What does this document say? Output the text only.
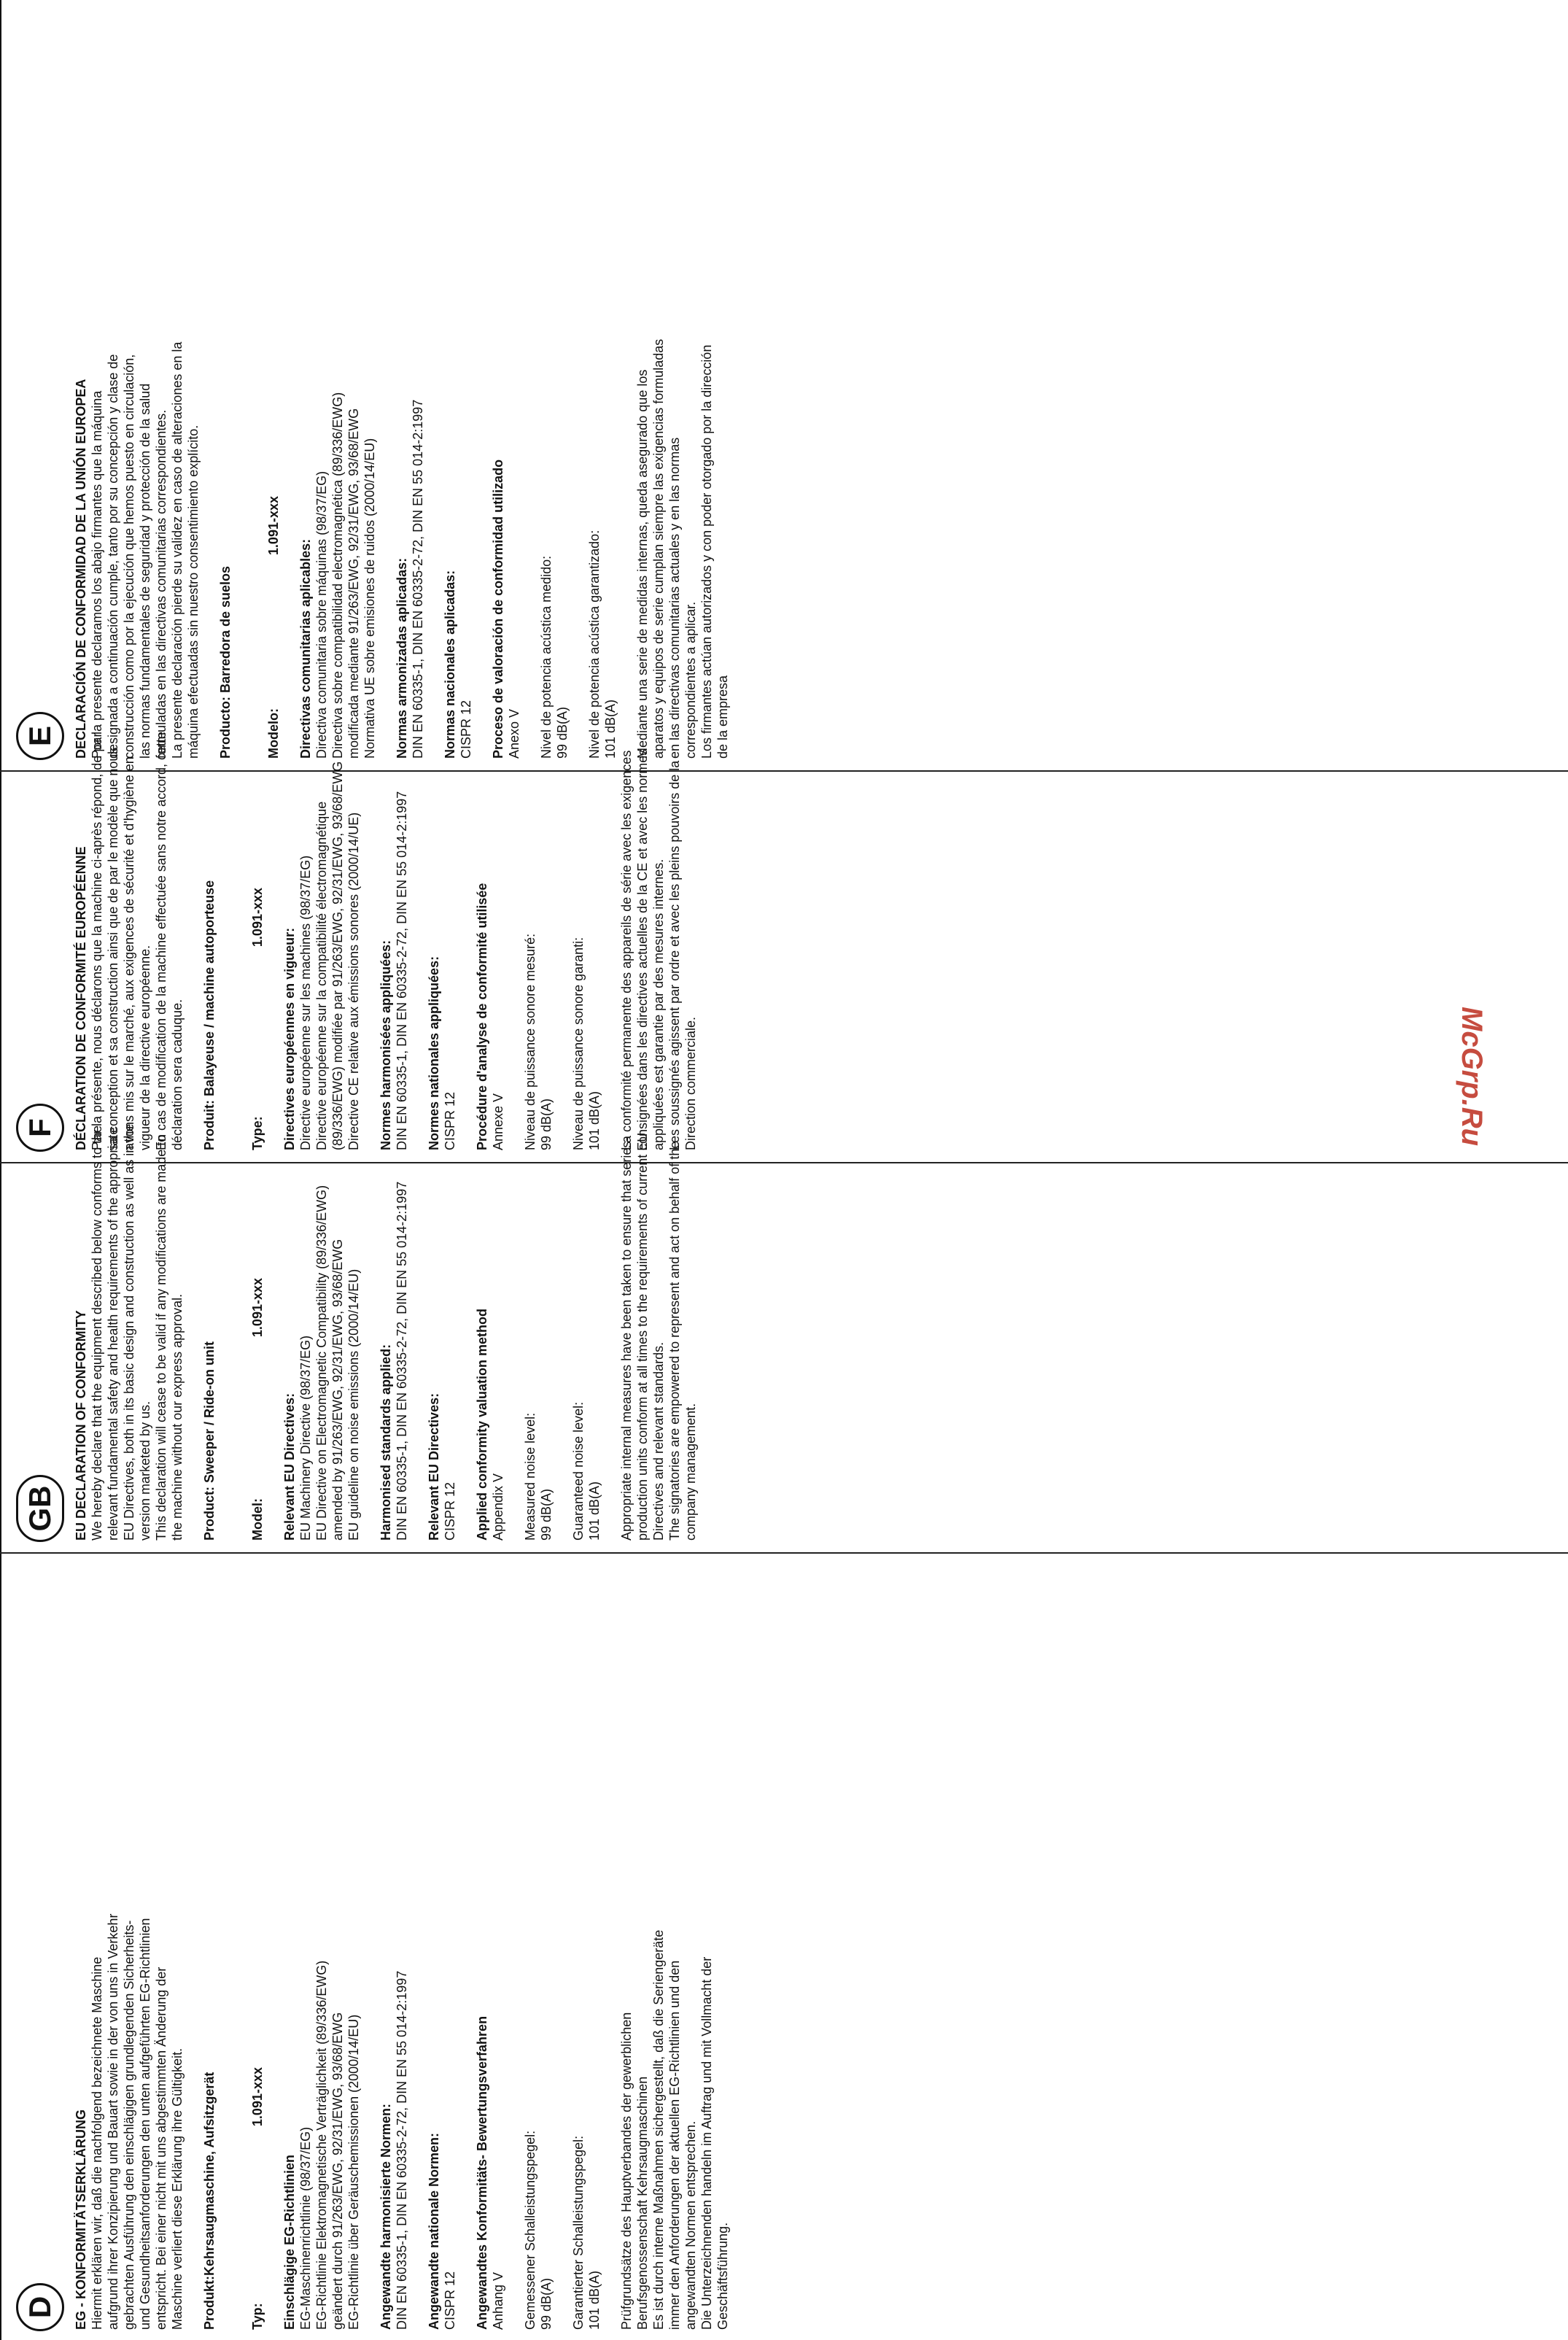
D	EG - KONFORMITÄTSERKLÄRUNG Hiermit erklären wir, daß die nachfolgend bezeichnete Maschine aufgrund ihrer Konzipierung und Bauart sowie in der von uns in Verkehr gebrachten Ausführung den einschlägigen grundlegenden Sicherheits- und Gesundheitsanforderungen den unten aufgeführten EG-Richtlinien entspricht. Bei einer nicht mit uns abgestimmten Änderung der Maschine verliert diese Erklärung ihre Gültigkeit. Produkt:Kehrsaugmaschine, Aufsitzgerät	Typ:
1.091-xxx
Einschlägige EG-Richtlinien EG-Maschinenrichtlinie (98/37/EG) EG-Richtlinie Elektromagnetische Verträglichkeit (89/336/EWG) geändert durch 91/263/EWG, 92/31/EWG, 93/68/EWG EG-Richtlinie über Geräuschemissionen (2000/14/EU) Angewandte harmonisierte Normen: DIN EN 60335-1, DIN EN 60335-2-72, DIN EN 55 014-2:1997 Angewandte nationale Normen: CISPR 12 Angewandtes Konformitäts- Bewertungsverfahren Anhang V Gemessener Schalleistungspegel: 99 dB(A) Garantierter Schalleistungspegel: 101 dB(A) Prüfgrundsätze des Hauptverbandes der gewerblichen Berufsgenossenschaft Kehrsaugmaschinen Es ist durch interne Maßnahmen sichergestellt, daß die Seriengeräte immer den Anforderungen der aktuellen EG-Richtlinien und den angewandten Normen entsprechen. Die Unterzeichnenden handeln im Auftrag und mit Vollmacht der Geschäftsführung.
GB	EU DECLARATION OF CONFORMITY We hereby declare that the equipment described below conforms to the relevant fundamental safety and health requirements of the appropriate EU Directives, both in its basic design and construction as well as in the version marketed by us. This declaration will cease to be valid if any modifications are made to the machine without our express approval. Product: Sweeper / Ride-on unit	Model:
1.091-xxx
Relevant EU Directives: EU Machinery Directive (98/37/EG) EU Directive on Electromagnetic Compatibility (89/336/EWG) amended by 91/263/EWG, 92/31/EWG, 93/68/EWG EU guideline on noise emissions (2000/14/EU) Harmonised standards applied: DIN EN 60335-1, DIN EN 60335-2-72, DIN EN 55 014-2:1997 Relevant EU Directives: CISPR 12 Applied conformity valuation method Appendix V Measured noise level: 99 dB(A) Guaranteed noise level: 101 dB(A) Appropriate internal measures have been taken to ensure that series- production units conform at all times to the requirements of current EU Directives and relevant standards. The signatories are empowered to represent and act on behalf of the company management.
F	DÉCLARATION DE CONFORMITÉ EUROPÉENNE Par la présente, nous déclarons que la machine ci-après répond, de par sa conception et sa construction ainsi que de par le modèle que nous avons mis sur le marché, aux exigences de sécurité et d'hygiène en vigueur de la directive européenne. En cas de modification de la machine effectuée sans notre accord, cette déclaration sera caduque. Produit: Balayeuse / machine autoporteuse	Type:
1.091-xxx
Directives européennes en vigueur: Directive européenne sur les machines (98/37/EG) Directive européenne sur la compatibilité électromagnétique (89/336/EWG) modifiée par 91/263/EWG, 92/31/EWG, 93/68/EWG Directive CE relative aux émissions sonores (2000/14/UE) Normes harmonisées appliquées: DIN EN 60335-1, DIN EN 60335-2-72, DIN EN 55 014-2:1997 Normes nationales appliquées: CISPR 12 Procédure d'analyse de conformité utilisée Annexe V Niveau de puissance sonore mesuré: 99 dB(A) Niveau de puissance sonore garanti: 101 dB(A) La conformité permanente des appareils de série avec les exigences consignées dans les directives actuelles de la CE et avec les normes appliquées est garantie par des mesures internes. Les soussignés agissent par ordre et avec les pleins pouvoirs de la Direction commerciale.
E	DECLARACIÓN DE CONFORMIDAD DE LA UNIÓN EUROPEA Por la presente declaramos los abajo firmantes que la máquina designada a continuación cumple, tanto por su concepción y clase de construcción como por la ejecución que hemos puesto en circulación, las normas fundamentales de seguridad y protección de la salud formuladas en las directivas comunitarias correspondientes. La presente declaración pierde su validez en caso de alteraciones en la máquina efectuadas sin nuestro consentimiento explícito. Producto: Barredora de suelos	Modelo:
1.091-xxx
Directivas comunitarias aplicables: Directiva comunitaria sobre máquinas (98/37/EG) Directiva sobre compatibilidad electromagnética (89/336/EWG) modificada mediante 91/263/EWG, 92/31/EWG, 93/68/EWG Normativa UE sobre emisiones de ruidos (2000/14/EU) Normas armonizadas aplicadas: DIN EN 60335-1, DIN EN 60335-2-72, DIN EN 55 014-2:1997 Normas nacionales aplicadas: CISPR 12 Proceso de valoración de conformidad utilizado Anexo V Nivel de potencia acústica medido: 99 dB(A) Nivel de potencia acústica garantizado: 101 dB(A) Mediante una serie de medidas internas, queda asegurado que los aparatos y equipos de serie cumplan siempre las exigencias formuladas en las directivas comunitarias actuales y en las normas correspondientes a aplicar. Los firmantes actúan autorizados y con poder otorgado por la dirección de la empresa
McGrp.Ru
